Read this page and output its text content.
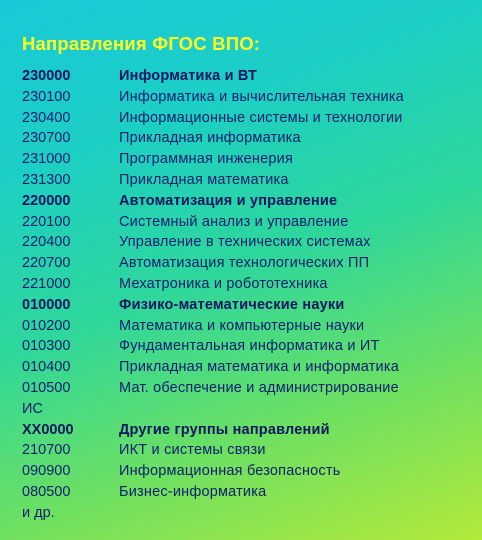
Направления ФГОС ВПО:
230000	Информатика и ВТ
230100	Информатика и вычислительная техника
230400	Информационные системы и технологии
230700	Прикладная информатика
231000	Программная инженерия
231300	Прикладная математика
220000	Автоматизация и управление
220100	Системный анализ и управление
220400	Управление в технических системах
220700	Автоматизация технологических ПП
221000	Мехатроника и робототехника
010000	Физико-математические науки
010200	Математика и компьютерные науки
010300	Фундаментальная информатика и ИТ
010400	Прикладная математика и информатика
010500	Мат. обеспечение и администрирование
ИС
XX0000	Другие группы направлений
210700	ИКТ и системы связи
090900	Информационная безопасность
080500	Бизнес-информатика
и др.
